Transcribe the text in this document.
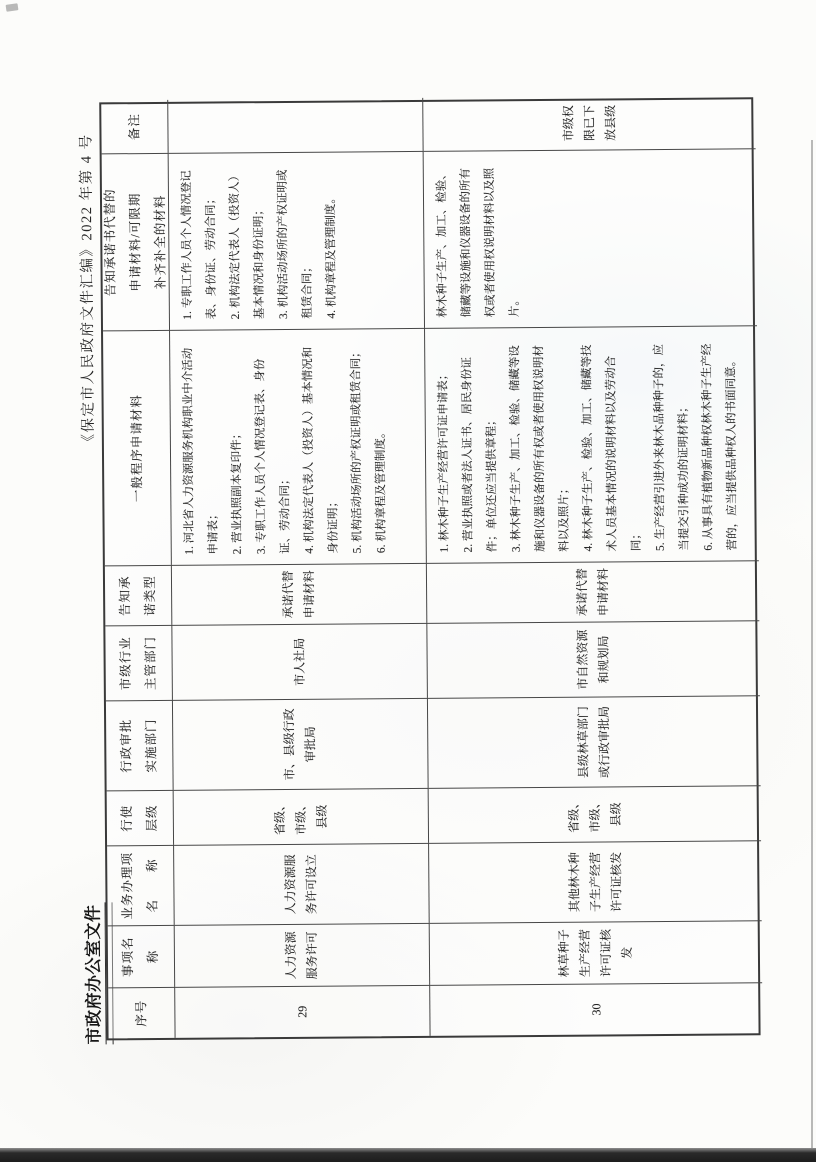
市政府办公室文件
《保定市人民政府文件汇编》2022 年第 4 号
序号
事项名称
业务办理项
名　　称
行使
层级
行政审批
实施部门
市级行业
主管部门
告知承
诺类型
一般程序申请材料
告知承诺书代替的
申请材料/可限期
补齐补全的材料
备注
29
人力资源服务许可
人力资源服务许可设立
省级、市级、县级
市、县级行政审批局
市人社局
承诺代替申请材料
1. 河北省人力资源服务机构职业中介活动申请表；
2. 营业执照副本复印件；
3. 专职工作人员个人情况登记表、身份证、劳动合同；
4. 机构法定代表人（投资人）基本情况和身份证明；
5. 机构活动场所的产权证明或租赁合同；
6. 机构章程及管理制度。
1. 专职工作人员个人情况登记表、身份证、劳动合同；
2. 机构法定代表人（投资人）基本情况和身份证明；
3. 机构活动场所的产权证明或租赁合同；
4. 机构章程及管理制度。
30
林草种子生产经营许可证核发
其他林木种子生产经营许可证核发
省级、市级、县级
县级林草部门或行政审批局
市自然资源和规划局
承诺代替申请材料
1. 林木种子生产经营许可证申请表；
2. 营业执照或者法人证书、居民身份证件；单位还应当提供章程；
3. 林木种子生产、加工、检验、储藏等设施和仪器设备的所有权或者使用权说明材料以及照片；
4. 林木种子生产、检验、加工、储藏等技术人员基本情况的说明材料以及劳动合同；
5. 生产经营引进外来林木品种种子的，应当提交引种成功的证明材料；
6. 从事具有植物新品种权林木种子生产经营的，应当提供品种权人的书面同意。
林木种子生产、加工、检验、储藏等设施和仪器设备的所有权或者使用权说明材料以及照片。
市级权限已下放县级
